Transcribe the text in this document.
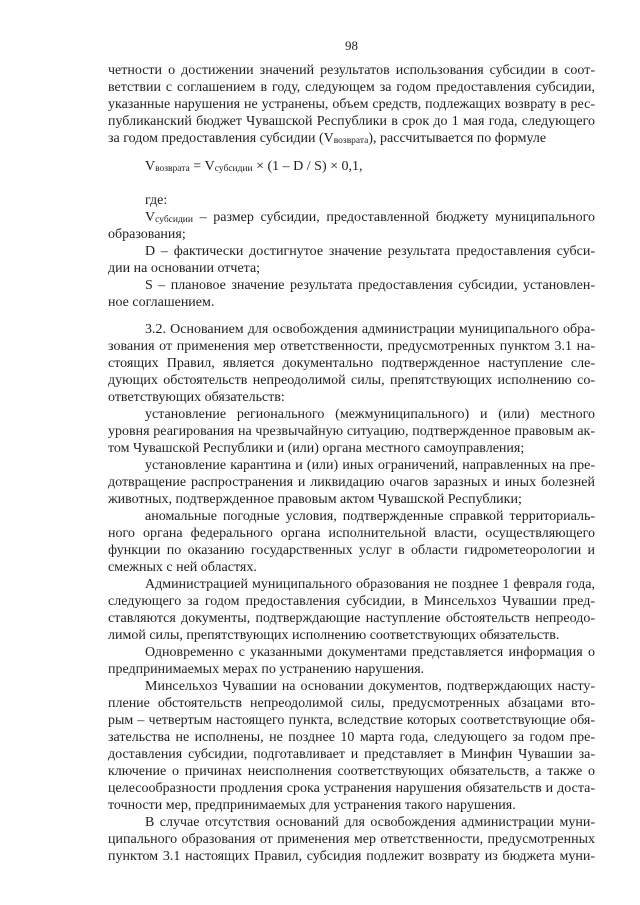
98
четности о достижении значений результатов использования субсидии в соот-
ветствии с соглашением в году, следующем за годом предоставления субсидии,
указанные нарушения не устранены, объем средств, подлежащих возврату в рес-
публиканский бюджет Чувашской Республики в срок до 1 мая года, следующего
за годом предоставления субсидии (Vвозврата), рассчитывается по формуле
Vвозврата = Vсубсидии × (1 – D / S) × 0,1,
где:
Vсубсидии – размер субсидии, предоставленной бюджету муниципального
образования;
D – фактически достигнутое значение результата предоставления субси-
дии на основании отчета;
S – плановое значение результата предоставления субсидии, установлен-
ное соглашением.
3.2. Основанием для освобождения администрации муниципального обра-
зования от применения мер ответственности, предусмотренных пунктом 3.1 на-
стоящих Правил, является документально подтвержденное наступление сле-
дующих обстоятельств непреодолимой силы, препятствующих исполнению со-
ответствующих обязательств:
установление регионального (межмуниципального) и (или) местного
уровня реагирования на чрезвычайную ситуацию, подтвержденное правовым ак-
том Чувашской Республики и (или) органа местного самоуправления;
установление карантина и (или) иных ограничений, направленных на пре-
дотвращение распространения и ликвидацию очагов заразных и иных болезней
животных, подтвержденное правовым актом Чувашской Республики;
аномальные погодные условия, подтвержденные справкой территориаль-
ного органа федерального органа исполнительной власти, осуществляющего
функции по оказанию государственных услуг в области гидрометеорологии и
смежных с ней областях.
Администрацией муниципального образования не позднее 1 февраля года,
следующего за годом предоставления субсидии, в Минсельхоз Чувашии пред-
ставляются документы, подтверждающие наступление обстоятельств непреодо-
лимой силы, препятствующих исполнению соответствующих обязательств.
Одновременно с указанными документами представляется информация о
предпринимаемых мерах по устранению нарушения.
Минсельхоз Чувашии на основании документов, подтверждающих насту-
пление обстоятельств непреодолимой силы, предусмотренных абзацами вто-
рым – четвертым настоящего пункта, вследствие которых соответствующие обя-
зательства не исполнены, не позднее 10 марта года, следующего за годом пре-
доставления субсидии, подготавливает и представляет в Минфин Чувашии за-
ключение о причинах неисполнения соответствующих обязательств, а также о
целесообразности продления срока устранения нарушения обязательств и доста-
точности мер, предпринимаемых для устранения такого нарушения.
В случае отсутствия оснований для освобождения администрации муни-
ципального образования от применения мер ответственности, предусмотренных
пунктом 3.1 настоящих Правил, субсидия подлежит возврату из бюджета муни-
